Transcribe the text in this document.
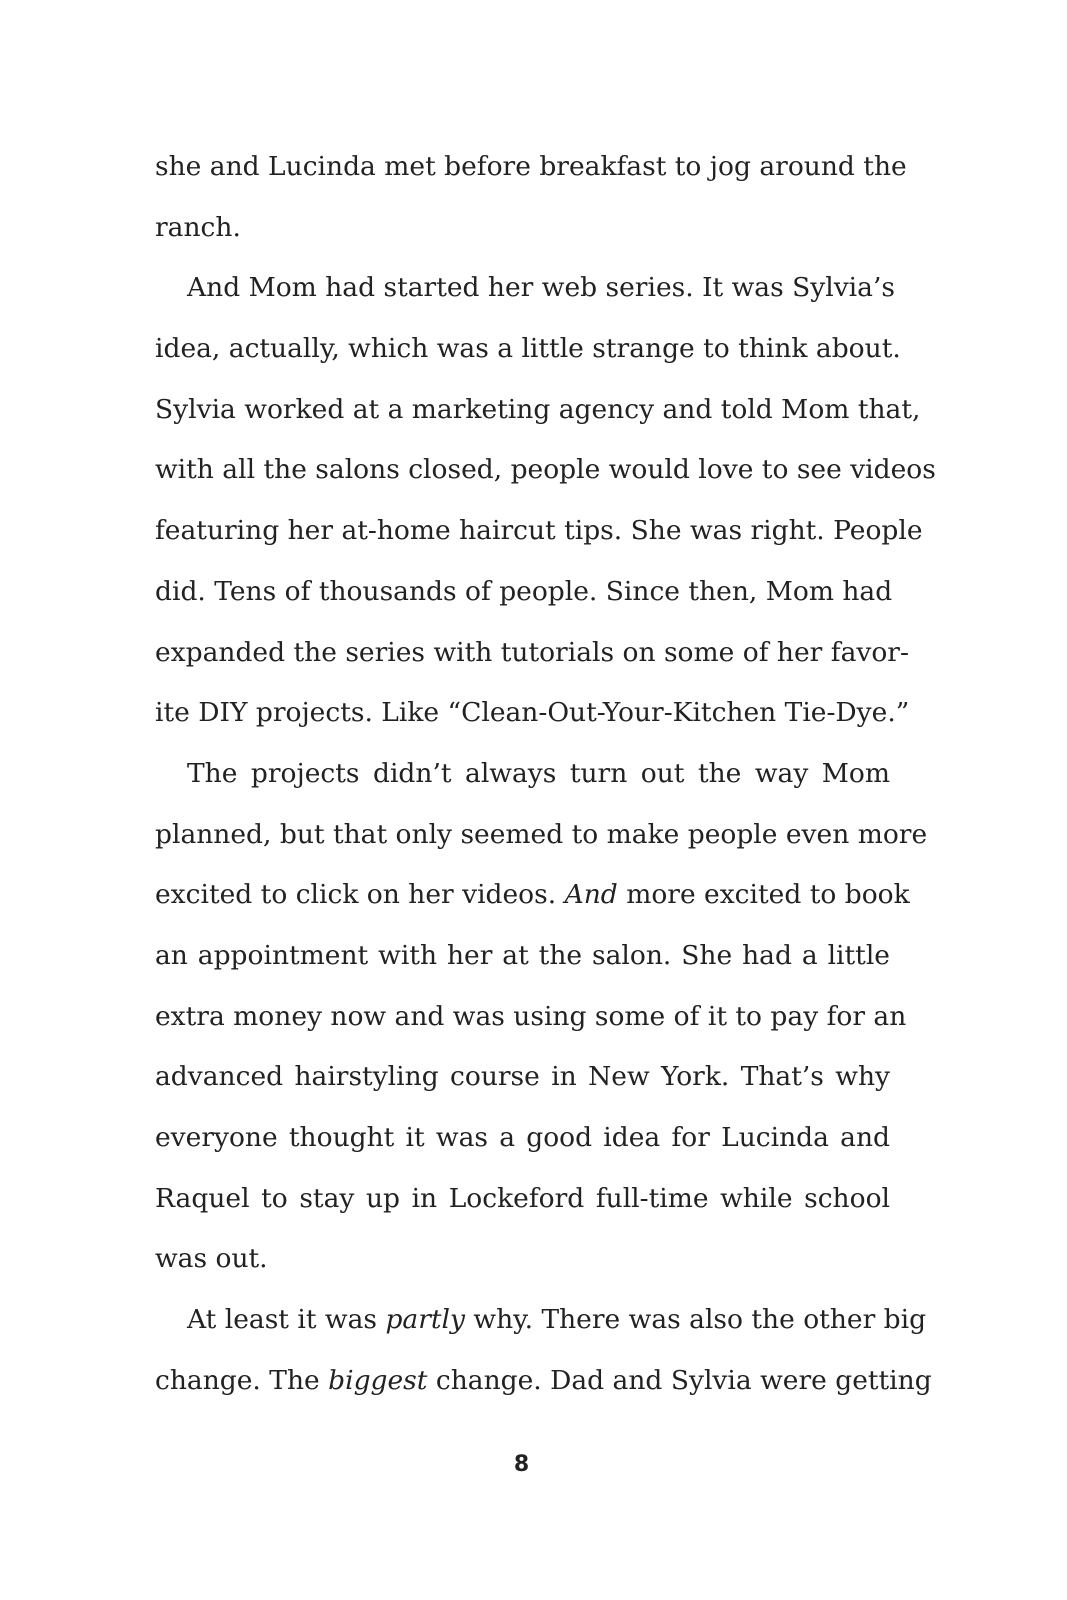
she and Lucinda met before breakfast to jog around the
ranch.
And Mom had started her web series. It was Sylvia’s
idea, actually, which was a little strange to think about.
Sylvia worked at a marketing agency and told Mom that,
with all the salons closed, people would love to see videos
featuring her at-home haircut tips. She was right. People
did. Tens of thousands of people. Since then, Mom had
expanded the series with tutorials on some of her favor-
ite DIY projects. Like “Clean-Out-Your-Kitchen Tie-Dye.”
The projects didn’t always turn out the way Mom
planned, but that only seemed to make people even more
excited to click on her videos. And more excited to book
an appointment with her at the salon. She had a little
extra money now and was using some of it to pay for an
advanced hairstyling course in New York. That’s why
everyone thought it was a good idea for Lucinda and
Raquel to stay up in Lockeford full-time while school
was out.
At least it was partly why. There was also the other big
change. The biggest change. Dad and Sylvia were getting
8
